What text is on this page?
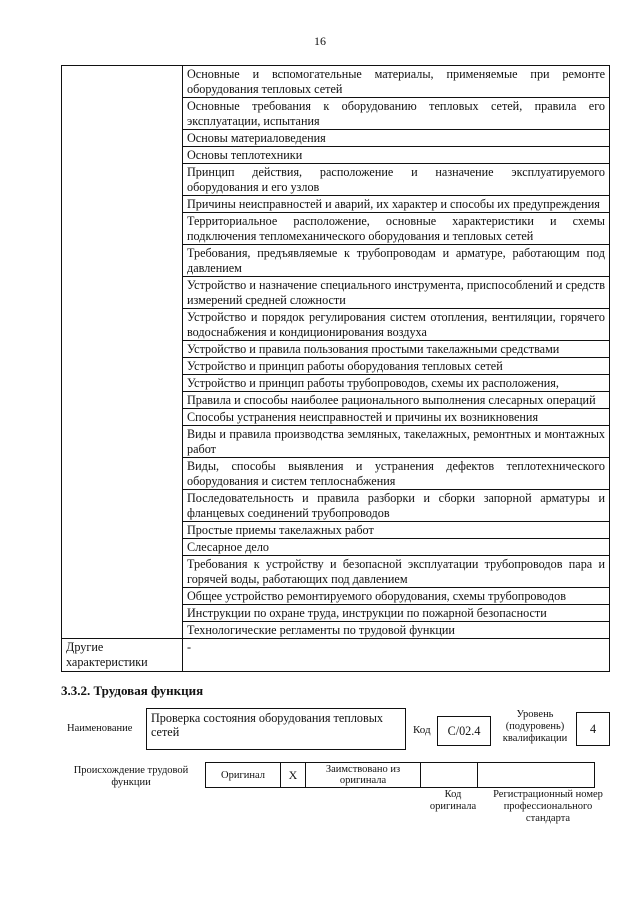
16
	Основные и вспомогательные материалы, применяемые при ремонте оборудования тепловых сетей
	Основные требования к оборудованию тепловых сетей, правила его эксплуатации, испытания
	Основы материаловедения
	Основы теплотехники
	Принцип действия, расположение и назначение эксплуатируемого оборудования и его узлов
	Причины неисправностей и аварий, их характер и способы их предупреждения
	Территориальное расположение, основные характеристики и схемы подключения тепломеханического оборудования и тепловых сетей
	Требования, предъявляемые к трубопроводам и арматуре, работающим под давлением
	Устройство и назначение специального инструмента, приспособлений и средств измерений средней сложности
	Устройство и порядок регулирования систем отопления, вентиляции, горячего водоснабжения и кондиционирования воздуха
	Устройство и правила пользования простыми такелажными средствами
	Устройство и принцип работы оборудования тепловых сетей
	Устройство и принцип работы трубопроводов, схемы их расположения,
	Правила и способы наиболее рационального выполнения слесарных операций
	Способы устранения неисправностей и причины их возникновения
	Виды и правила производства земляных, такелажных, ремонтных и монтажных работ
	Виды, способы выявления и устранения дефектов теплотехнического оборудования и систем теплоснабжения
	Последовательность и правила разборки и сборки запорной арматуры и фланцевых соединений трубопроводов
	Простые приемы такелажных работ
	Слесарное дело
	Требования к устройству и безопасной эксплуатации трубопроводов пара и горячей воды, работающих под давлением
	Общее устройство ремонтируемого оборудования, схемы трубопроводов
	Инструкции по охране труда, инструкции по пожарной безопасности
	Технологические регламенты по трудовой функции
Другие характеристики	-
3.3.2. Трудовая функция
Наименование
Проверка состояния оборудования тепловых сетей	Код	С/02.4
Уровень (подуровень) квалификации
4
Происхождение трудовой функции
Оригинал	Х	Заимствовано из оригинала		
Код оригинала
Регистрационный номер профессионального стандарта
